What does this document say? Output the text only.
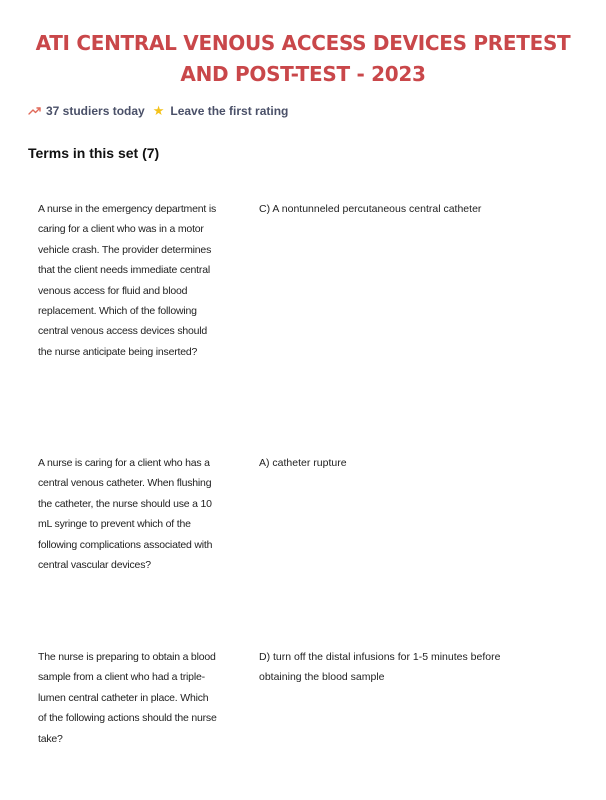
ATI CENTRAL VENOUS ACCESS DEVICES PRETEST
AND POST-TEST - 2023
37 studiers today ★ Leave the first rating
Terms in this set (7)
A nurse in the emergency department is caring for a client who was in a motor vehicle crash. The provider determines that the client needs immediate central venous access for fluid and blood replacement. Which of the following central venous access devices should the nurse anticipate being inserted?
C) A nontunneled percutaneous central catheter
A nurse is caring for a client who has a central venous catheter. When flushing the catheter, the nurse should use a 10 mL syringe to prevent which of the following complications associated with central vascular devices?
A) catheter rupture
The nurse is preparing to obtain a blood sample from a client who had a triple- lumen central catheter in place. Which of the following actions should the nurse take?
D) turn off the distal infusions for 1-5 minutes before obtaining the blood sample
